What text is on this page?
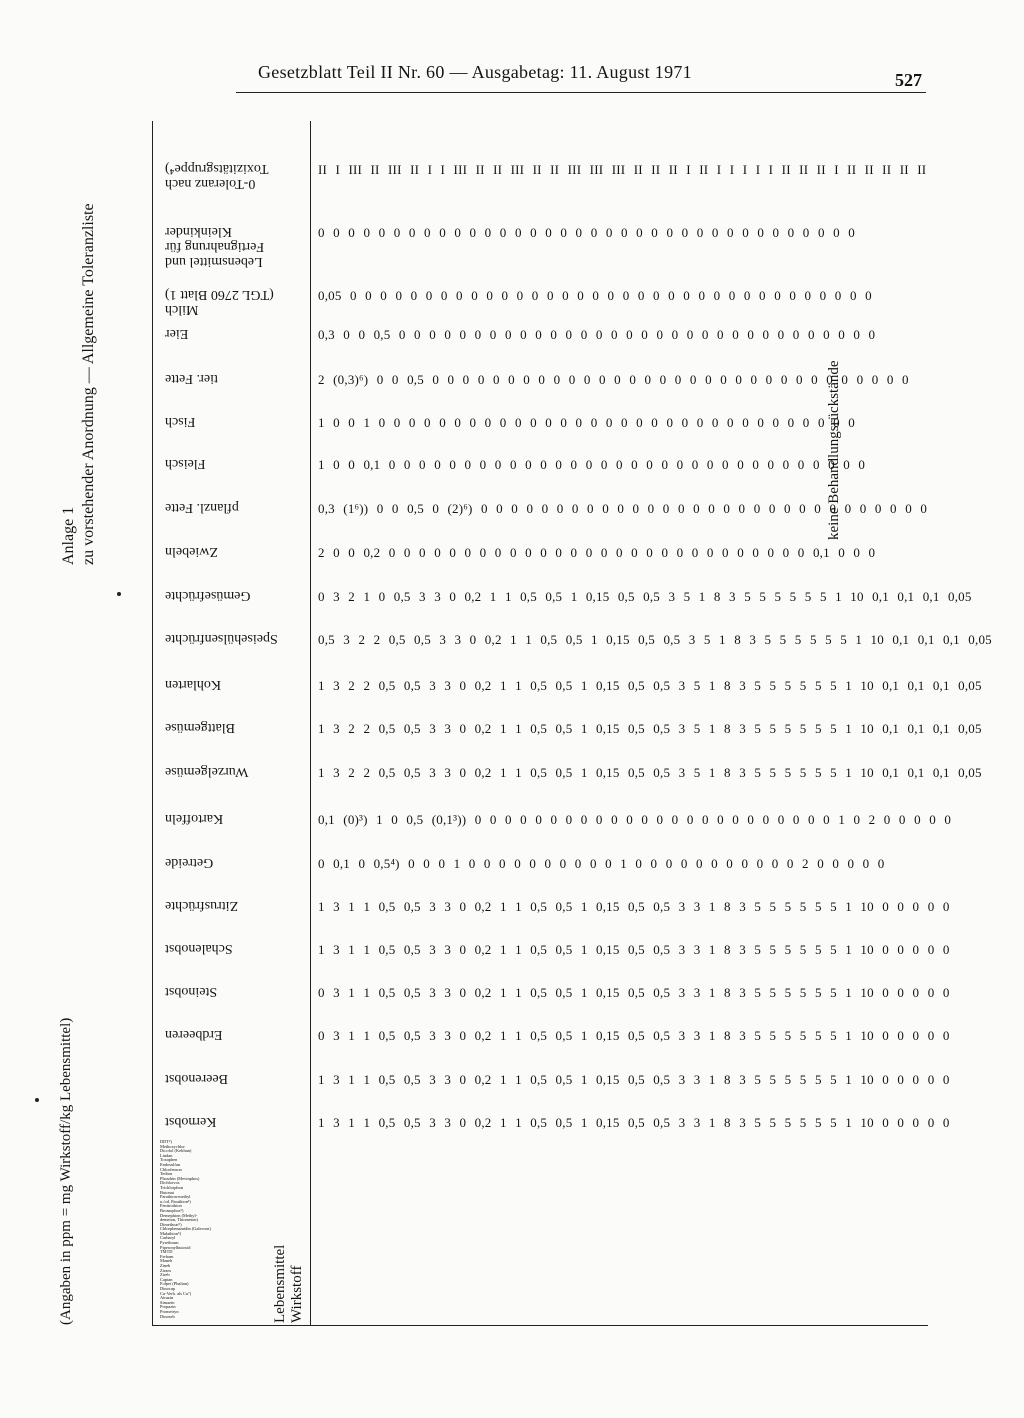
Gesetzblatt Teil II Nr. 60 — Ausgabetag: 11. August 1971	527
(Angaben in ppm = mg Wirkstoff/kg Lebensmittel)
Anlage 1 zu vorstehender Anordnung — Allgemeine Toleranzliste
Kernobst
Beerenobst
Erdbeeren
Steinobst
Schalenobst
Zitrusfrüchte
Getreide
Kartoffeln
Wurzelgemüse
Blattgemüse
Kohlarten
Speisehülsenfrüchte
Gemüsefrüchte
Zwiebeln
pflanzl. Fette
Fleisch
Fisch
tier. Fette
Eier
Milch
(TGL 2760 Blatt 1)
Lebensmittel und
Fertignahrung für
Kleinkinder
0-Toleranz nach
Toxizitätsgruppe⁴)
1 3 1 1 0,5 0,5 3 3 0 0,2 1 1 0,5 0,5 1 0,15 0,5 0,5 3 3 1 8 3 5 5 5 5 5 5 1 10 0 0 0 0 0
1 3 1 1 0,5 0,5 3 3 0 0,2 1 1 0,5 0,5 1 0,15 0,5 0,5 3 3 1 8 3 5 5 5 5 5 5 1 10 0 0 0 0 0
0 3 1 1 0,5 0,5 3 3 0 0,2 1 1 0,5 0,5 1 0,15 0,5 0,5 3 3 1 8 3 5 5 5 5 5 5 1 10 0 0 0 0 0
0 3 1 1 0,5 0,5 3 3 0 0,2 1 1 0,5 0,5 1 0,15 0,5 0,5 3 3 1 8 3 5 5 5 5 5 5 1 10 0 0 0 0 0
1 3 1 1 0,5 0,5 3 3 0 0,2 1 1 0,5 0,5 1 0,15 0,5 0,5 3 3 1 8 3 5 5 5 5 5 5 1 10 0 0 0 0 0
1 3 1 1 0,5 0,5 3 3 0 0,2 1 1 0,5 0,5 1 0,15 0,5 0,5 3 3 1 8 3 5 5 5 5 5 5 1 10 0 0 0 0 0
0 0,1 0 0,5⁴) 0 0 0 1 0 0 0 0 0 0 0 0 0 0 1 0 0 0 0 0 0 0 0 0 0 0 2 0 0 0 0 0
0,1 (0)³) 1 0 0,5 (0,1³)) 0 0 0 0 0 0 0 0 0 0 0 0 0 0 0 0 0 0 0 0 0 0 0 0 1 0 2 0 0 0 0 0
1 3 2 2 0,5 0,5 3 3 0 0,2 1 1 0,5 0,5 1 0,15 0,5 0,5 3 5 1 8 3 5 5 5 5 5 5 1 10 0,1 0,1 0,1 0,05
1 3 2 2 0,5 0,5 3 3 0 0,2 1 1 0,5 0,5 1 0,15 0,5 0,5 3 5 1 8 3 5 5 5 5 5 5 1 10 0,1 0,1 0,1 0,05
1 3 2 2 0,5 0,5 3 3 0 0,2 1 1 0,5 0,5 1 0,15 0,5 0,5 3 5 1 8 3 5 5 5 5 5 5 1 10 0,1 0,1 0,1 0,05
0,5 3 2 2 0,5 0,5 3 3 0 0,2 1 1 0,5 0,5 1 0,15 0,5 0,5 3 5 1 8 3 5 5 5 5 5 5 1 10 0,1 0,1 0,1 0,05
0 3 2 1 0 0,5 3 3 0 0,2 1 1 0,5 0,5 1 0,15 0,5 0,5 3 5 1 8 3 5 5 5 5 5 5 1 10 0,1 0,1 0,1 0,05
2 0 0 0,2 0 0 0 0 0 0 0 0 0 0 0 0 0 0 0 0 0 0 0 0 0 0 0 0 0 0 0 0 0,1 0 0 0
0,3 (1⁶)) 0 0 0,5 0 (2)⁶) 0 0 0 0 0 0 0 0 0 0 0 0 0 0 0 0 0 0 0 0 0 0 0 0 0 0 0 0 0 0
1 0 0 0,1 0 0 0 0 0 0 0 0 0 0 0 0 0 0 0 0 0 0 0 0 0 0 0 0 0 0 0 0 0 0 0 0
1 0 0 1 0 0 0 0 0 0 0 0 0 0 0 0 0 0 0 0 0 0 0 0 0 0 0 0 0 0 0 0 0 0 0 0
2 (0,3)⁶) 0 0 0,5 0 0 0 0 0 0 0 0 0 0 0 0 0 0 0 0 0 0 0 0 0 0 0 0 0 0 0 0 0 0 0 0
0,3 0 0 0,5 0 0 0 0 0 0 0 0 0 0 0 0 0 0 0 0 0 0 0 0 0 0 0 0 0 0 0 0 0 0 0 0
0,05 0 0 0 0 0 0 0 0 0 0 0 0 0 0 0 0 0 0 0 0 0 0 0 0 0 0 0 0 0 0 0 0 0 0 0
0 0 0 0 0 0 0 0 0 0 0 0 0 0 0 0 0 0 0 0 0 0 0 0 0 0 0 0 0 0 0 0 0 0 0 0
II I III II III II I I III II II III II II III III III II II II I II I I I I I II II II I II II II II II
Lebensmittel
Wirkstoff
DDT²)
Methoxychlor
Dicofol (Kelthan)
Lindan
Toxaphen
Endosulfan
Chlorfenson
Tedion
Phosdrin (Mevinphos)
Dichlorvos
Trichlorphon
Butonat
Parathion-methyl
u./od. Parathion³)
Fenitrothion
Bromophos⁵)
Demephion (Methyl-
demeton, Thiometon)
Dimethoat⁵)
Chlorphenamidin (Galecron)
Malathion⁵)
Carbaryl
Pyrethrum
Piperonylbutoxid
TMTD
Ferbam
Maneb
Zineb
Ziram
Zireb
Captan
Folpet (Phaltan)
Dinocap
Cu-Verb. als Cu⁷)
Atrazin
Simazin
Propazin
Prometryn
Dinoseb
keine Behandlungsrückstände
